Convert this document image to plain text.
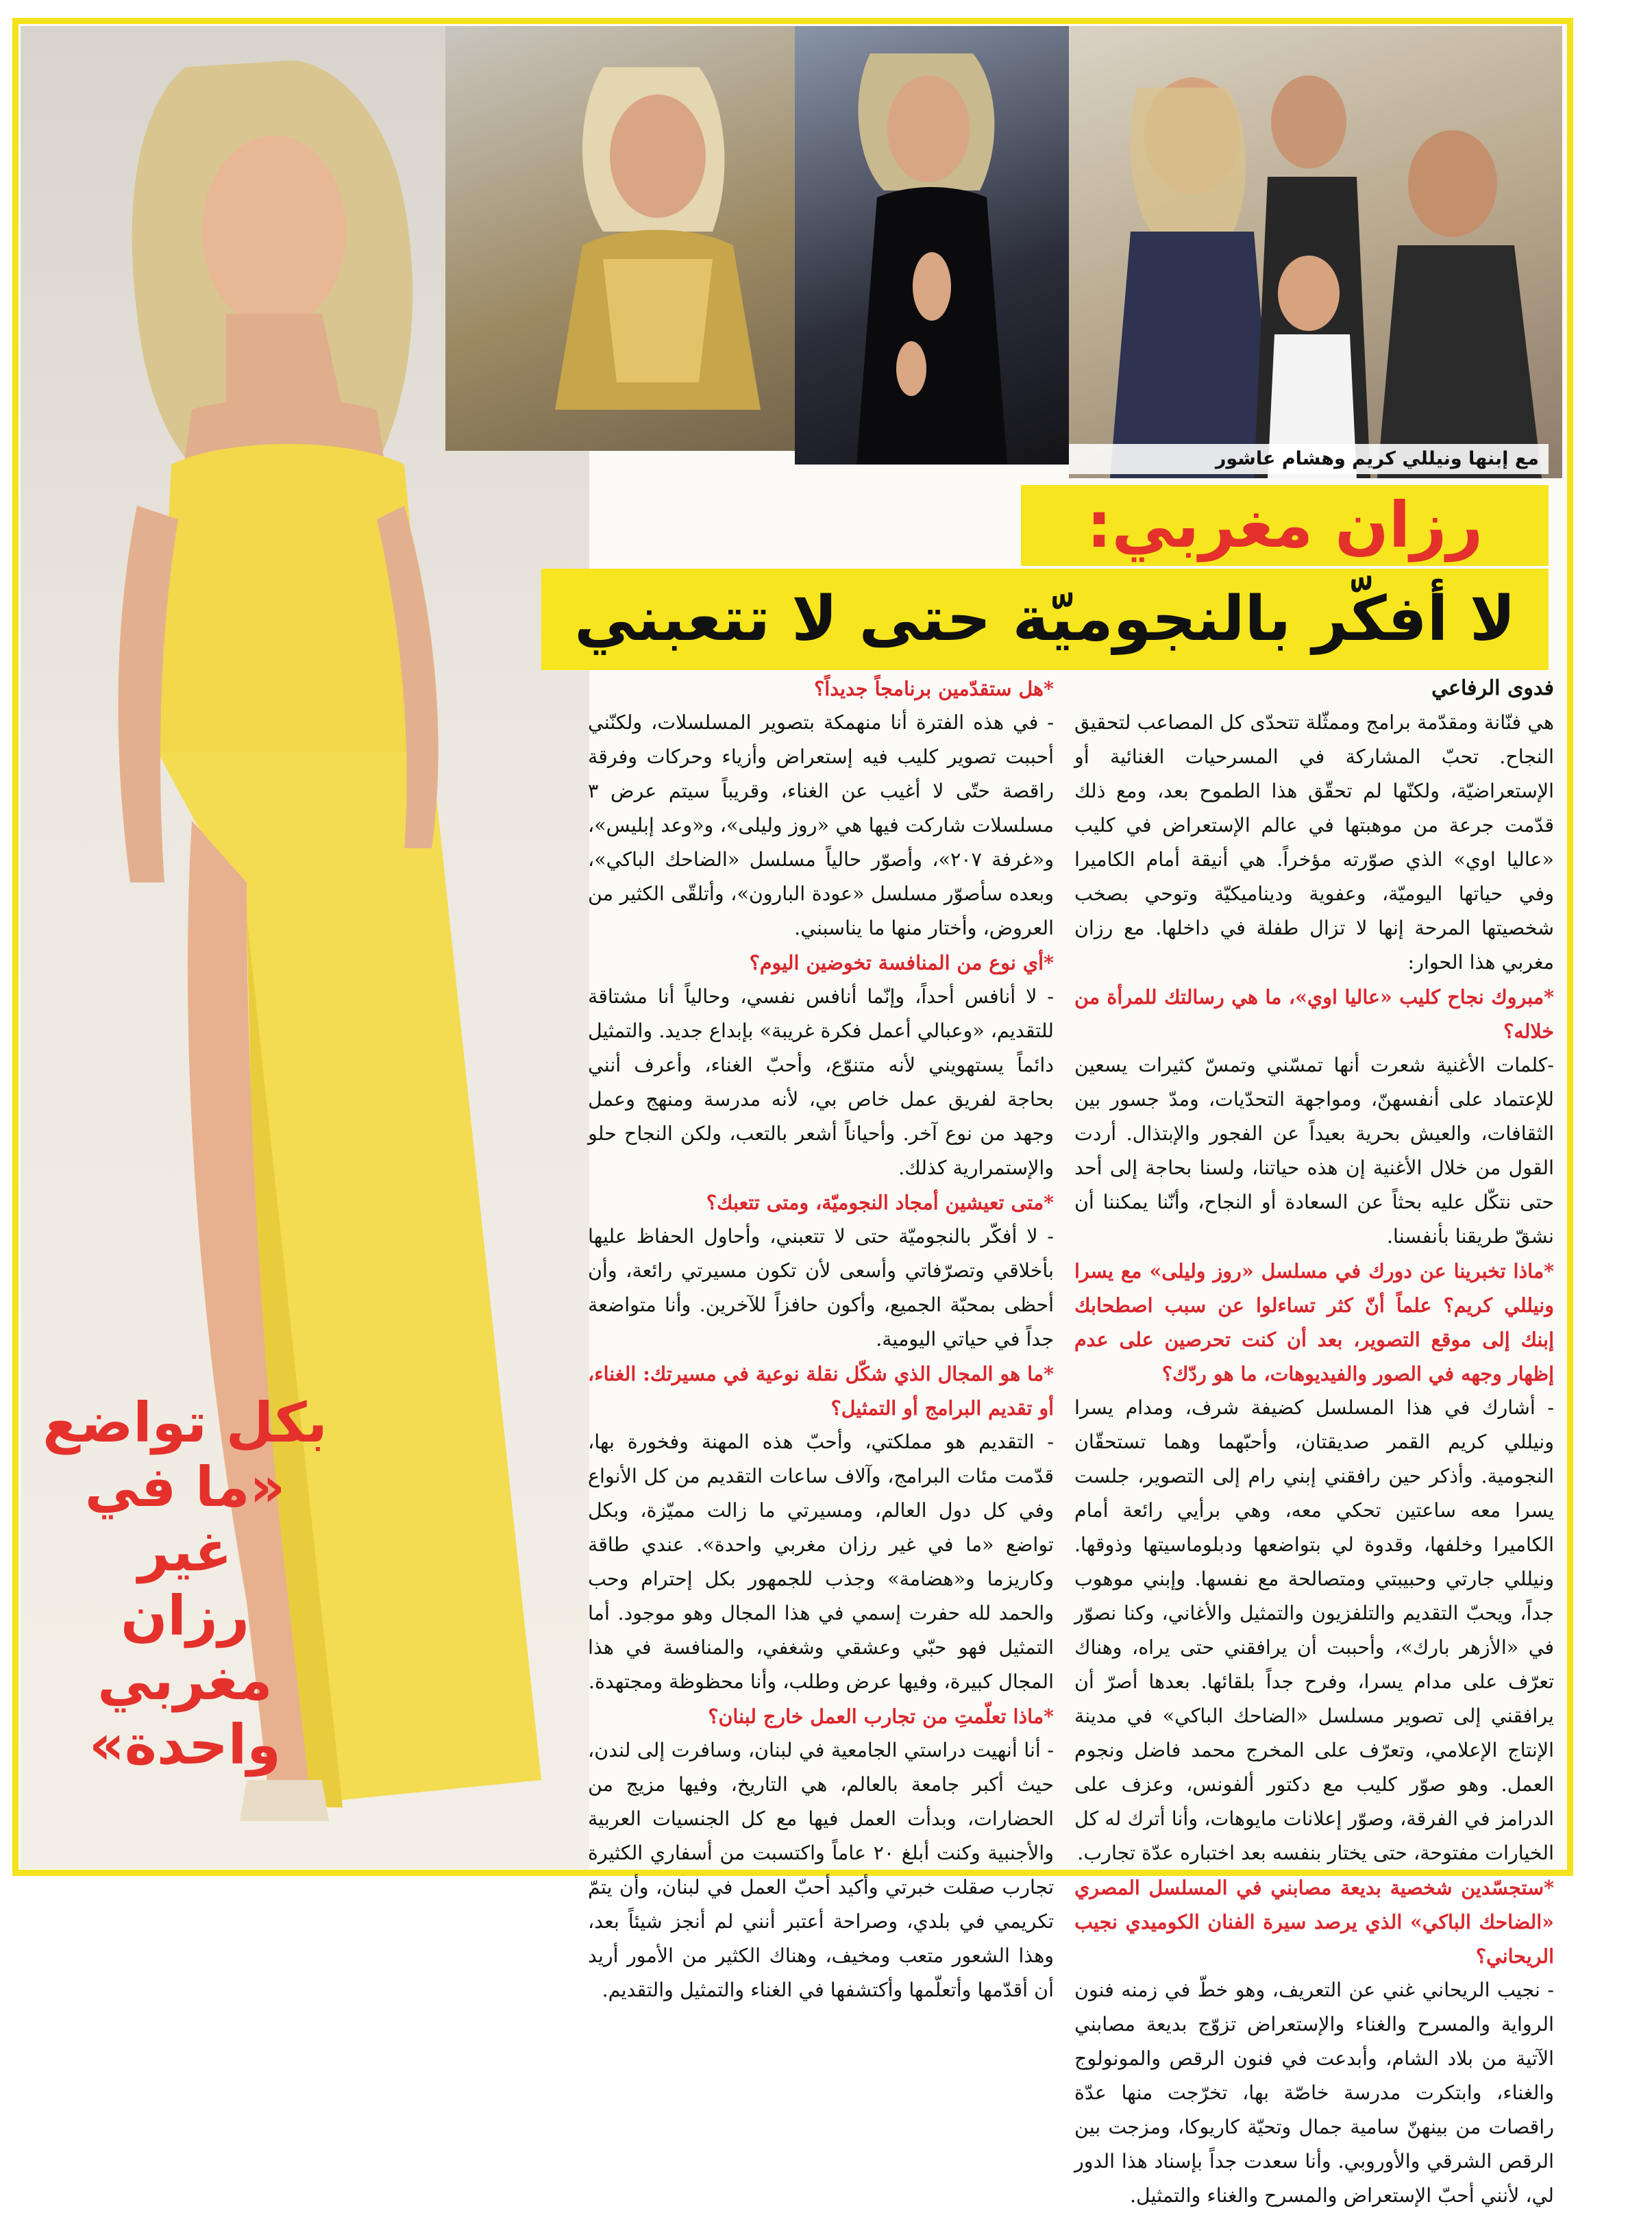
مع إبنها ونيللي كريم وهشام عاشور
رزان مغربي:
لا أفكّر بالنجوميّة حتى لا تتعبني

فدوى الرفاعي

هي فنّانة ومقدّمة برامج وممثّلة تتحدّى كل المصاعب لتحقيق النجاح. تحبّ المشاركة في المسرحيات الغنائية أو الإستعراضيّة، ولكنّها لم تحقّق هذا الطموح بعد، ومع ذلك قدّمت جرعة من موهبتها في عالم الإستعراض في كليب «عاليا اوي» الذي صوّرته مؤخراً. هي أنيقة أمام الكاميرا وفي حياتها اليوميّة، وعفوية وديناميكيّة وتوحي بصخب شخصيتها المرحة إنها لا تزال طفلة في داخلها. مع رزان مغربي هذا الحوار:

*مبروك نجاح كليب «عاليا اوي»، ما هي رسالتك للمرأة من خلاله؟

-كلمات الأغنية شعرت أنها تمسّني وتمسّ كثيرات يسعين للإعتماد على أنفسهنّ، ومواجهة التحدّيات، ومدّ جسور بين الثقافات، والعيش بحرية بعيداً عن الفجور والإبتذال. أردت القول من خلال الأغنية إن هذه حياتنا، ولسنا بحاجة إلى أحد حتى نتكّل عليه بحثاً عن السعادة أو النجاح، وأنّنا يمكننا أن نشقّ طريقنا بأنفسنا.

*ماذا تخبرينا عن دورك في مسلسل «روز وليلى» مع يسرا ونيللي كريم؟ علماً أنّ كثر تساءلوا عن سبب اصطحابك إبنك إلى موقع التصوير، بعد أن كنت تحرصين على عدم إظهار وجهه في الصور والفيديوهات، ما هو ردّك؟

- أشارك في هذا المسلسل كضيفة شرف، ومدام يسرا ونيللي كريم القمر صديقتان، وأحبّهما وهما تستحقّان النجومية. وأذكر حين رافقني إبني رام إلى التصوير، جلست يسرا معه ساعتين تحكي معه، وهي برأيي رائعة أمام الكاميرا وخلفها، وقدوة لي بتواضعها ودبلوماسيتها وذوقها. ونيللي جارتي وحبيبتي ومتصالحة مع نفسها. وإبني موهوب جداً، ويحبّ التقديم والتلفزيون والتمثيل والأغاني، وكنا نصوّر في «الأزهر بارك»، وأحببت أن يرافقني حتى يراه، وهناك تعرّف على مدام يسرا، وفرح جداً بلقائها. بعدها أصرّ أن يرافقني إلى تصوير مسلسل «الضاحك الباكي» في مدينة الإنتاج الإعلامي، وتعرّف على المخرج محمد فاضل ونجوم العمل. وهو صوّر كليب مع دكتور ألفونس، وعزف على الدرامز في الفرقة، وصوّر إعلانات مايوهات، وأنا أترك له كل الخيارات مفتوحة، حتى يختار بنفسه بعد اختباره عدّة تجارب.

*ستجسّدين شخصية بديعة مصابني في المسلسل المصري «الضاحك الباكي» الذي يرصد سيرة الفنان الكوميدي نجيب الريحاني؟

- نجيب الريحاني غني عن التعريف، وهو خطّ في زمنه فنون الرواية والمسرح والغناء والإستعراض تزوّج بديعة مصابني الآتية من بلاد الشام، وأبدعت في فنون الرقص والمونولوج والغناء، وابتكرت مدرسة خاصّة بها، تخرّجت منها عدّة راقصات من بينهنّ سامية جمال وتحيّة كاريوكا، ومزجت بين الرقص الشرقي والأوروبي. وأنا سعدت جداً بإسناد هذا الدور لي، لأنني أحبّ الإستعراض والمسرح والغناء والتمثيل.

*هل ستقدّمين برنامجاً جديداً؟

- في هذه الفترة أنا منهمكة بتصوير المسلسلات، ولكنّني أحببت تصوير كليب فيه إستعراض وأزياء وحركات وفرقة راقصة حتّى لا أغيب عن الغناء، وقريباً سيتم عرض ٣ مسلسلات شاركت فيها هي «روز وليلى»، و«وعد إبليس»، و«غرفة ٢٠٧»، وأصوّر حالياً مسلسل «الضاحك الباكي»، وبعده سأصوّر مسلسل «عودة البارون»، وأتلقّى الكثير من العروض، وأختار منها ما يناسبني.

*أي نوع من المنافسة تخوضين اليوم؟

- لا أنافس أحداً، وإنّما أنافس نفسي، وحالياً أنا مشتاقة للتقديم، «وعبالي أعمل فكرة غريبة» بإبداع جديد. والتمثيل دائماً يستهويني لأنه متنوّع، وأحبّ الغناء، وأعرف أنني بحاجة لفريق عمل خاص بي، لأنه مدرسة ومنهج وعمل وجهد من نوع آخر. وأحياناً أشعر بالتعب، ولكن النجاح حلو والإستمرارية كذلك.

*متى تعيشين أمجاد النجوميّة، ومتى تتعبك؟

- لا أفكّر بالنجوميّة حتى لا تتعبني، وأحاول الحفاظ عليها بأخلاقي وتصرّفاتي وأسعى لأن تكون مسيرتي رائعة، وأن أحظى بمحبّة الجميع، وأكون حافزاً للآخرين. وأنا متواضعة جداً في حياتي اليومية.

*ما هو المجال الذي شكّل نقلة نوعية في مسيرتك: الغناء، أو تقديم البرامج أو التمثيل؟

- التقديم هو مملكتي، وأحبّ هذه المهنة وفخورة بها، قدّمت مئات البرامج، وآلاف ساعات التقديم من كل الأنواع وفي كل دول العالم، ومسيرتي ما زالت مميّزة، وبكل تواضع «ما في غير رزان مغربي واحدة». عندي طاقة وكاريزما و«هضامة» وجذب للجمهور بكل إحترام وحب والحمد لله حفرت إسمي في هذا المجال وهو موجود. أما التمثيل فهو حبّي وعشقي وشغفي، والمنافسة في هذا المجال كبيرة، وفيها عرض وطلب، وأنا محظوظة ومجتهدة.

*ماذا تعلّمتِ من تجارب العمل خارج لبنان؟

- أنا أنهيت دراستي الجامعية في لبنان، وسافرت إلى لندن، حيث أكبر جامعة بالعالم، هي التاريخ، وفيها مزيج من الحضارات، وبدأت العمل فيها مع كل الجنسيات العربية والأجنبية وكنت أبلغ ٢٠ عاماً واكتسبت من أسفاري الكثيرة تجارب صقلت خبرتي وأكيد أحبّ العمل في لبنان، وأن يتمّ تكريمي في بلدي، وصراحة أعتبر أنني لم أنجز شيئاً بعد، وهذا الشعور متعب ومخيف، وهناك الكثير من الأمور أريد أن أقدّمها وأتعلّمها وأكتشفها في الغناء والتمثيل والتقديم.

بكل تواضع
«ما في غير
رزان مغربي
واحدة»
